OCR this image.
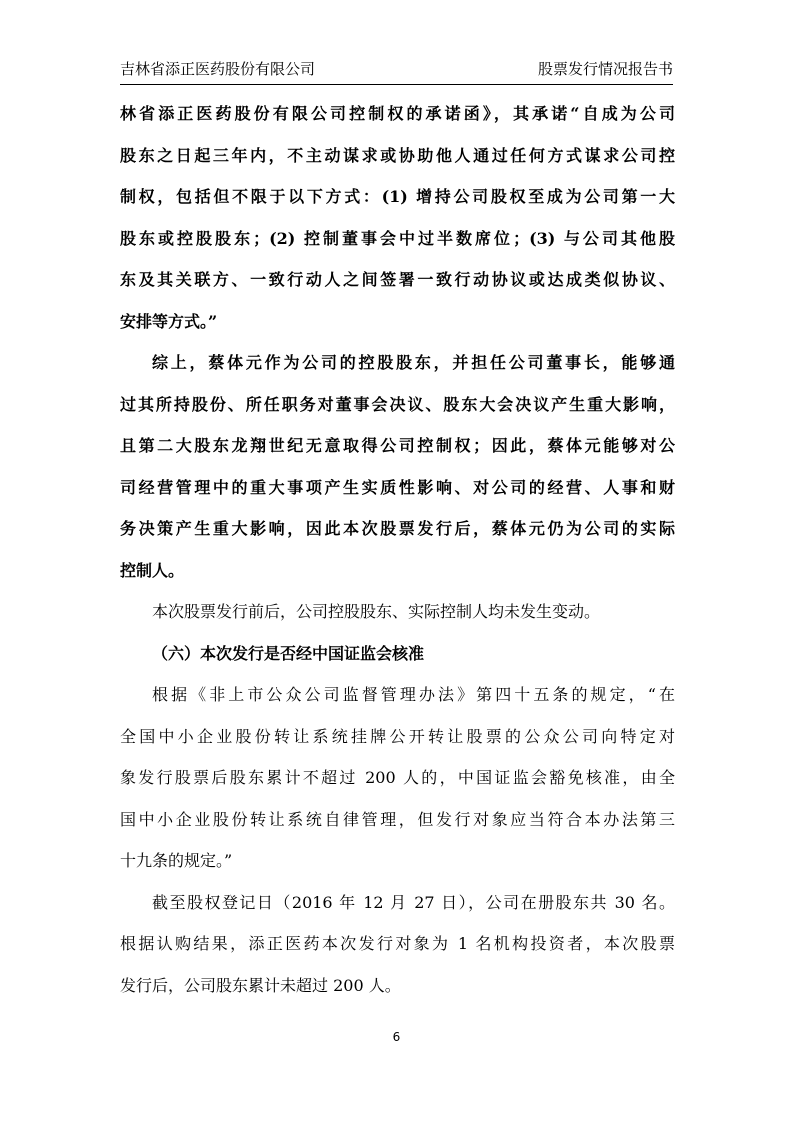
吉林省添正医药股份有限公司	股票发行情况报告书
林省添正医药股份有限公司控制权的承诺函》，其承诺“自成为公司
股东之日起三年内，不主动谋求或协助他人通过任何方式谋求公司控
制权，包括但不限于以下方式：(1) 增持公司股权至成为公司第一大
股东或控股股东；(2) 控制董事会中过半数席位；(3) 与公司其他股
东及其关联方、一致行动人之间签署一致行动协议或达成类似协议、
安排等方式。”
综上，蔡体元作为公司的控股股东，并担任公司董事长，能够通
过其所持股份、所任职务对董事会决议、股东大会决议产生重大影响，
且第二大股东龙翔世纪无意取得公司控制权；因此，蔡体元能够对公
司经营管理中的重大事项产生实质性影响、对公司的经营、人事和财
务决策产生重大影响，因此本次股票发行后，蔡体元仍为公司的实际
控制人。
本次股票发行前后，公司控股股东、实际控制人均未发生变动。
（六）本次发行是否经中国证监会核准
根据《非上市公众公司监督管理办法》第四十五条的规定，“在
全国中小企业股份转让系统挂牌公开转让股票的公众公司向特定对
象发行股票后股东累计不超过 200 人的，中国证监会豁免核准，由全
国中小企业股份转让系统自律管理，但发行对象应当符合本办法第三
十九条的规定。”
截至股权登记日（2016 年 12 月 27 日），公司在册股东共 30 名。
根据认购结果，添正医药本次发行对象为 1 名机构投资者，本次股票
发行后，公司股东累计未超过 200 人。
6
